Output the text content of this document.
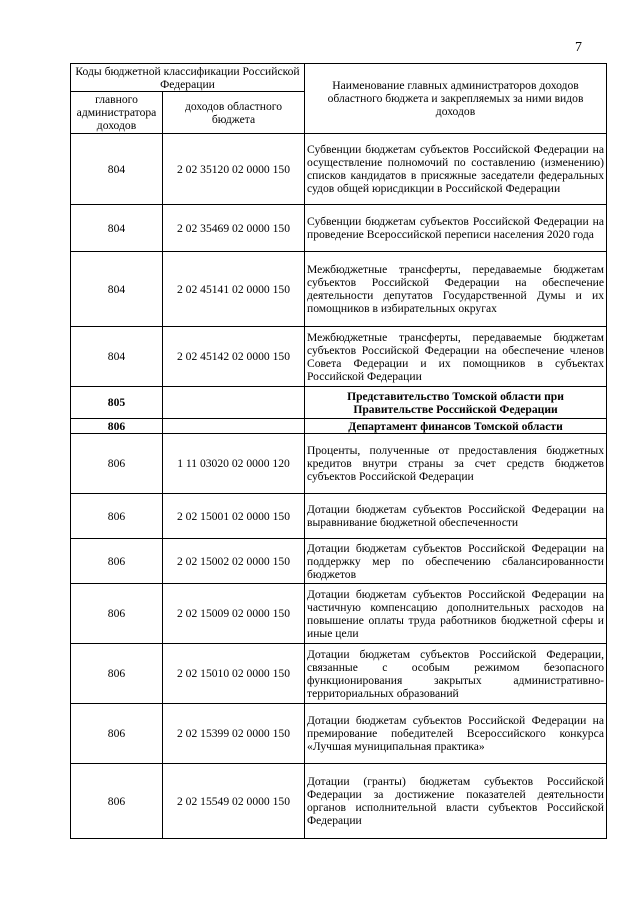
7
Коды бюджетной классификации Российской Федерации		Наименование главных администраторов доходов областного бюджета и закрепляемых за ними видов доходов
главного администратора доходов	доходов областного бюджета	
804	2 02 35120 02 0000 150	Субвенции бюджетам субъектов Российской Федерации на осуществление полномочий по составлению (изменению) списков кандидатов в присяжные заседатели федеральных судов общей юрисдикции в Российской Федерации
804	2 02 35469 02 0000 150	Субвенции бюджетам субъектов Российской Федерации на проведение Всероссийской переписи населения 2020 года
804	2 02 45141 02 0000 150	Межбюджетные трансферты, передаваемые бюджетам субъектов Российской Федерации на обеспечение деятельности депутатов Государственной Думы и их помощников в избирательных округах
804	2 02 45142 02 0000 150	Межбюджетные трансферты, передаваемые бюджетам субъектов Российской Федерации на обеспечение членов Совета Федерации и их помощников в субъектах Российской Федерации
805		Представительство Томской области при Правительстве Российской Федерации
806		Департамент финансов Томской области
806	1 11 03020 02 0000 120	Проценты, полученные от предоставления бюджетных кредитов внутри страны за счет средств бюджетов субъектов Российской Федерации
806	2 02 15001 02 0000 150	Дотации бюджетам субъектов Российской Федерации на выравнивание бюджетной обеспеченности
806	2 02 15002 02 0000 150	Дотации бюджетам субъектов Российской Федерации на поддержку мер по обеспечению сбалансированности бюджетов
806	2 02 15009 02 0000 150	Дотации бюджетам субъектов Российской Федерации на частичную компенсацию дополнительных расходов на повышение оплаты труда работников бюджетной сферы и иные цели
806	2 02 15010 02 0000 150	Дотации бюджетам субъектов Российской Федерации, связанные с особым режимом безопасного функционирования закрытых административно-территориальных образований
806	2 02 15399 02 0000 150	Дотации бюджетам субъектов Российской Федерации на премирование победителей Всероссийского конкурса «Лучшая муниципальная практика»
806	2 02 15549 02 0000 150	Дотации (гранты) бюджетам субъектов Российской Федерации за достижение показателей деятельности органов исполнительной власти субъектов Российской Федерации
